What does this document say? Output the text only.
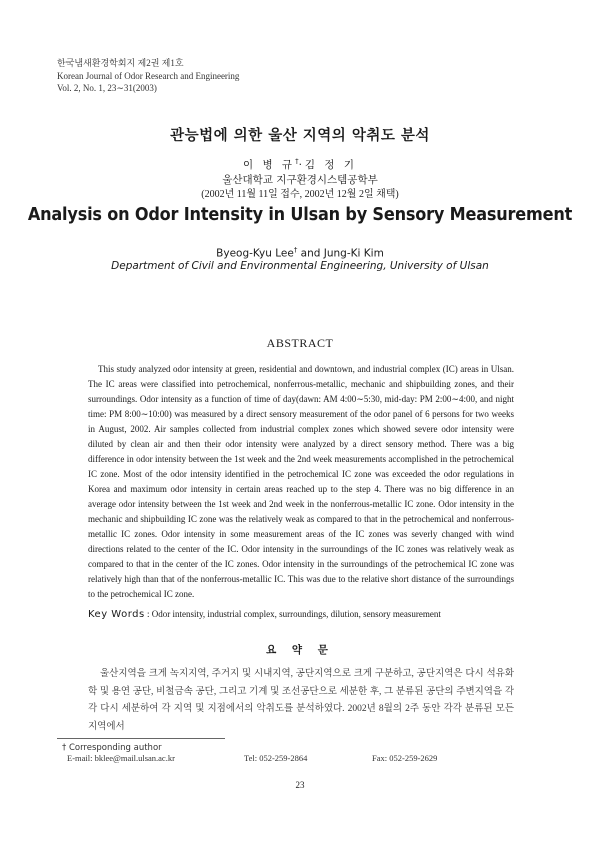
한국냄새환경학회지 제2권 제1호
Korean Journal of Odor Research and Engineering
Vol. 2, No. 1, 23∼31(2003)
관능법에 의한 울산 지역의 악취도 분석
이 병 규†·김 정 기
울산대학교 지구환경시스템공학부
(2002년 11월 11일 접수, 2002년 12월 2일 채택)
Analysis on Odor Intensity in Ulsan by Sensory Measurement
Byeog-Kyu Lee† and Jung-Ki Kim
Department of Civil and Environmental Engineering, University of Ulsan
ABSTRACT

This study analyzed odor intensity at green, residential and downtown, and industrial complex (IC) areas in Ulsan. The IC areas were classified into petrochemical, nonferrous-metallic, mechanic and shipbuilding zones, and their surroundings. Odor intensity as a function of time of day(dawn: AM 4:00∼5:30, mid-day: PM 2:00∼4:00, and night time: PM 8:00∼10:00) was measured by a direct sensory measurement of the odor panel of 6 persons for two weeks in August, 2002. Air samples collected from industrial complex zones which showed severe odor intensity were diluted by clean air and then their odor intensity were analyzed by a direct sensory method. There was a big difference in odor intensity between the 1st week and the 2nd week measurements accomplished in the petrochemical IC zone. Most of the odor intensity identified in the petrochemical IC zone was exceeded the odor regulations in Korea and maximum odor intensity in certain areas reached up to the step 4. There was no big difference in an average odor intensity between the 1st week and 2nd week in the nonferrous-metallic IC zone. Odor intensity in the mechanic and shipbuilding IC zone was the relatively weak as compared to that in the petrochemical and nonferrous-metallic IC zones. Odor intensity in some measurement areas of the IC zones was severly changed with wind directions related to the center of the IC. Odor intensity in the surroundings of the IC zones was relatively weak as compared to that in the center of the IC zones. Odor intensity in the surroundings of the petrochemical IC zone was relatively high than that of the nonferrous-metallic IC. This was due to the relative short distance of the surroundings to the petrochemical IC zone.

Key Words : Odor intensity, industrial complex, surroundings, dilution, sensory measurement
요 약 문

울산지역을 크게 녹지지역, 주거지 및 시내지역, 공단지역으로 크게 구분하고, 공단지역은 다시 석유화학 및 용연 공단, 비철금속 공단, 그리고 기계 및 조선공단으로 세분한 후, 그 분류된 공단의 주변지역을 각각 다시 세분하여 각 지역 및 지점에서의 악취도를 분석하였다. 2002년 8월의 2주 동안 각각 분류된 모든 지역에서

† Corresponding author
E-mail: bklee@mail.ulsan.ac.kr	Tel: 052-259-2864	Fax: 052-259-2629
23
